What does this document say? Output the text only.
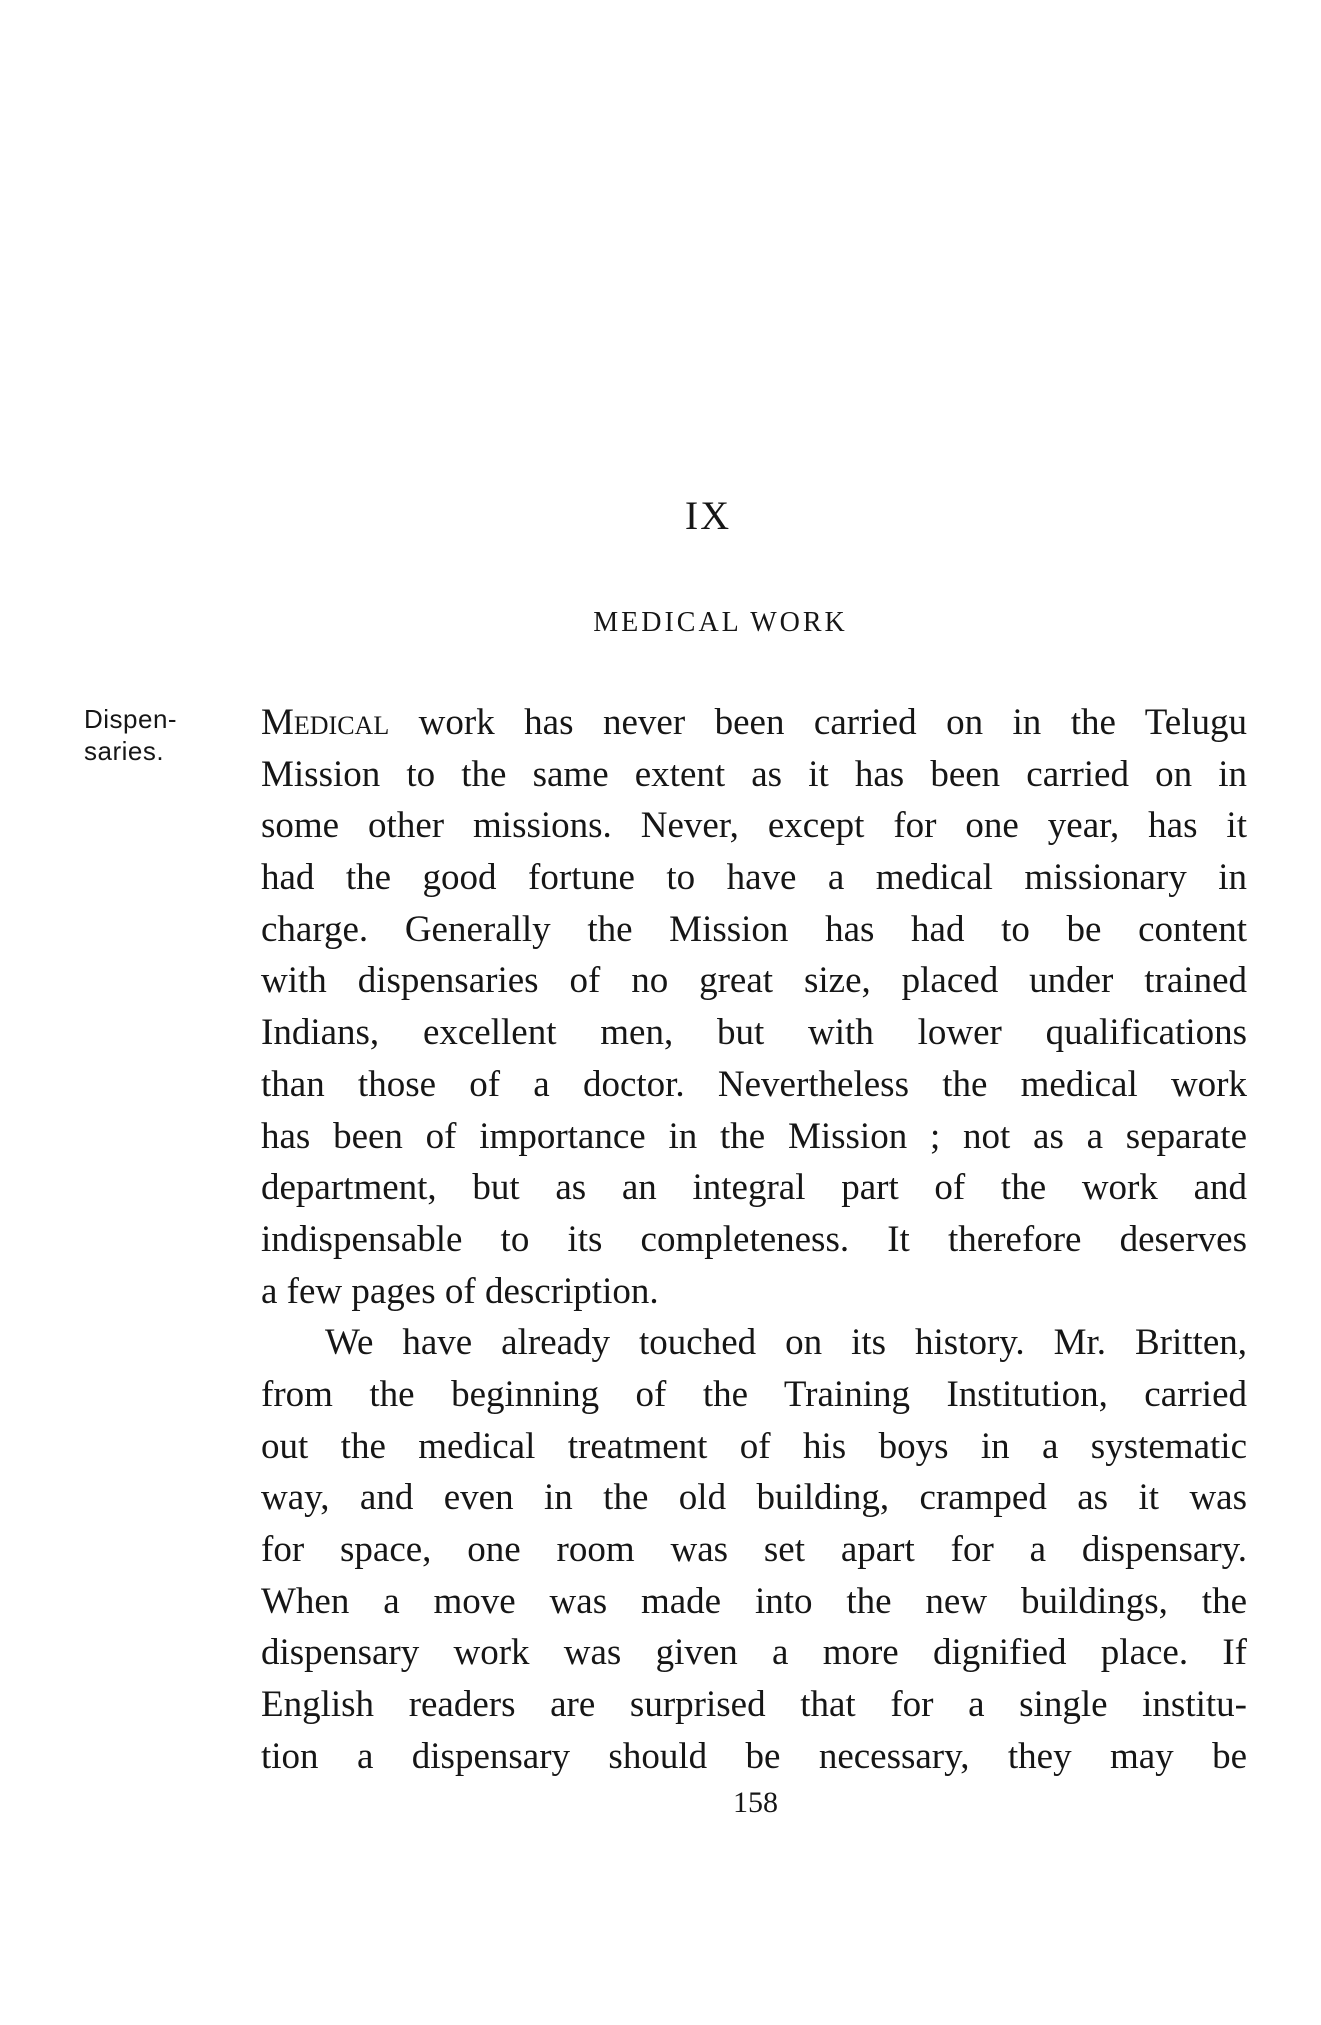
IX
MEDICAL WORK
Dispen-
saries.
Medical work has never been carried on in the Telugu
Mission to the same extent as it has been carried on in
some other missions. Never, except for one year, has it
had the good fortune to have a medical missionary in
charge. Generally the Mission has had to be content
with dispensaries of no great size, placed under trained
Indians, excellent men, but with lower qualifications
than those of a doctor. Nevertheless the medical work
has been of importance in the Mission ; not as a separate
department, but as an integral part of the work and
indispensable to its completeness. It therefore deserves
a few pages of description.
We have already touched on its history. Mr. Britten,
from the beginning of the Training Institution, carried
out the medical treatment of his boys in a systematic
way, and even in the old building, cramped as it was
for space, one room was set apart for a dispensary.
When a move was made into the new buildings, the
dispensary work was given a more dignified place. If
English readers are surprised that for a single institu-
tion a dispensary should be necessary, they may be
158
